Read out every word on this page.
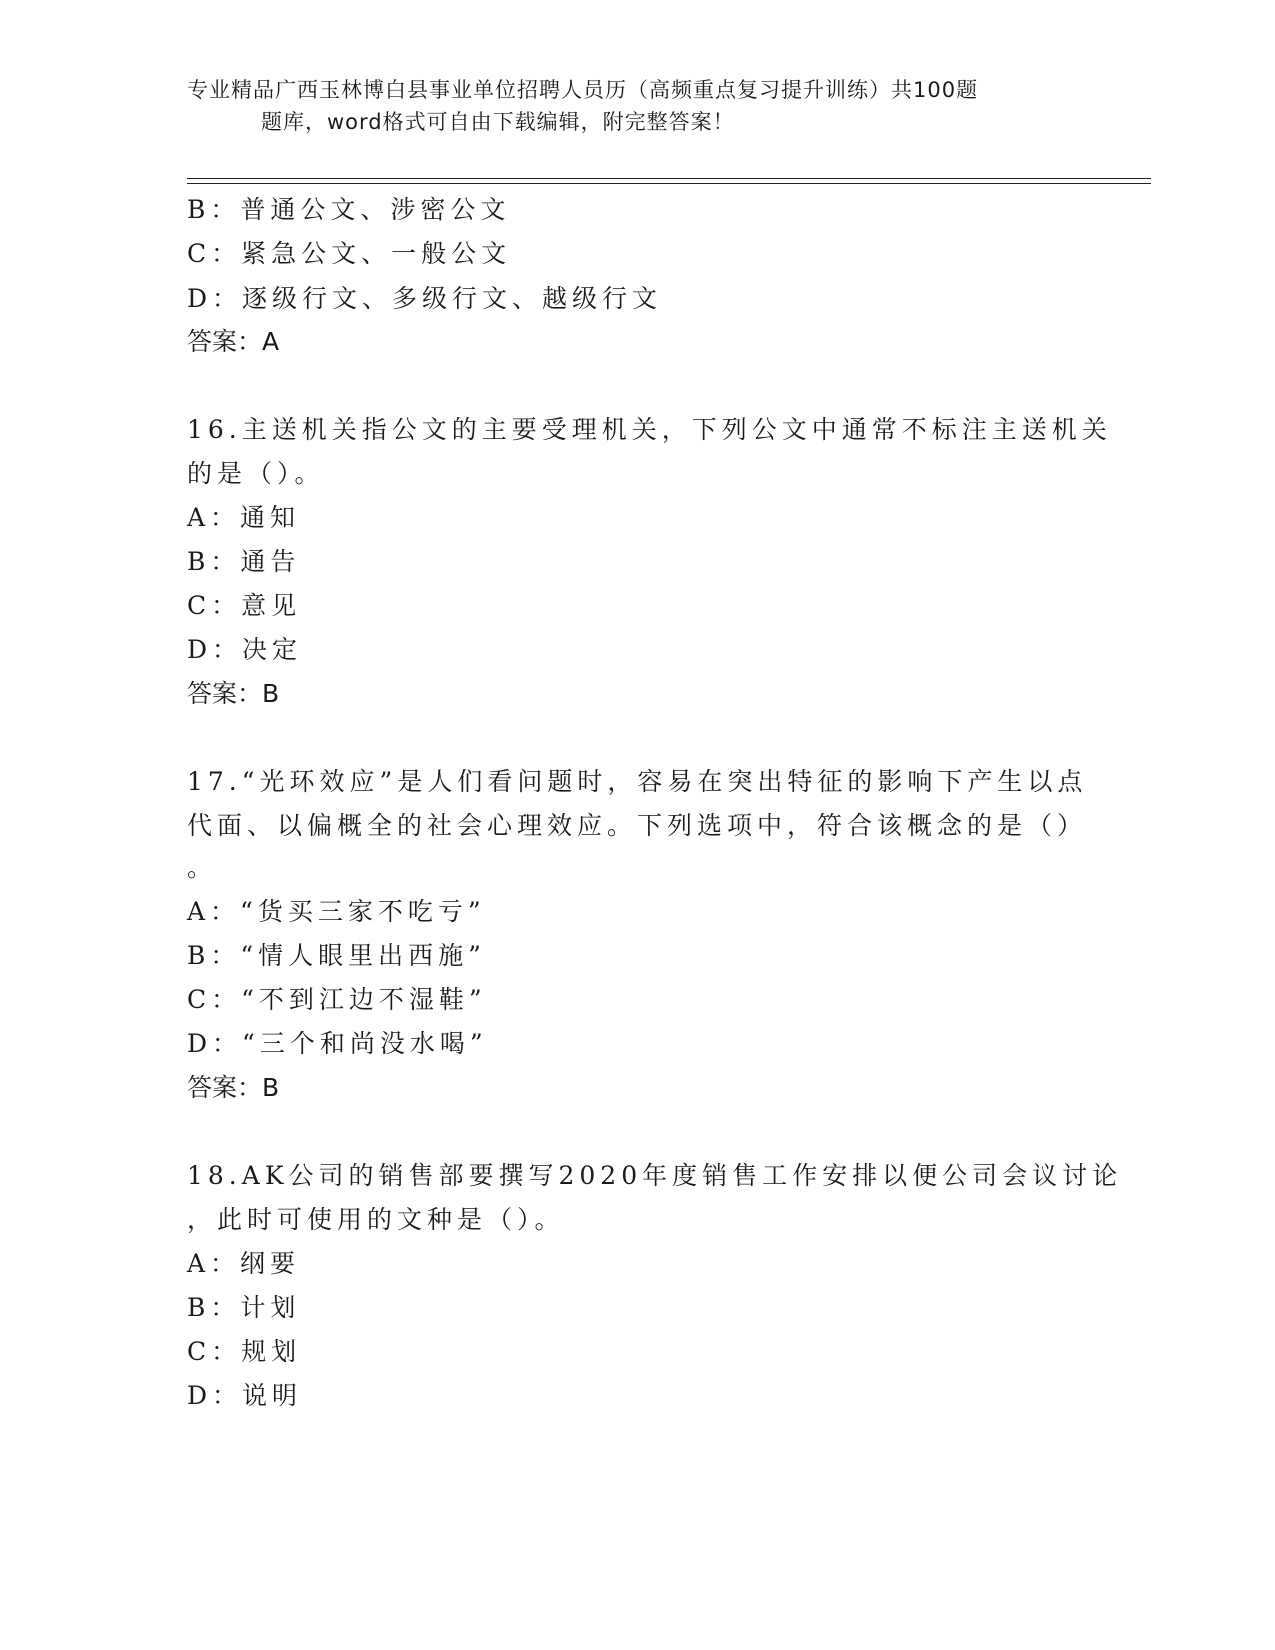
专业精品广西玉林博白县事业单位招聘人员历（高频重点复习提升训练）共100题
题库，word格式可自由下载编辑，附完整答案！
B：普通公文、涉密公文
C：紧急公文、一般公文
D：逐级行文、多级行文、越级行文
答案：A
16.主送机关指公文的主要受理机关，下列公文中通常不标注主送机关
的是（）。
A：通知
B：通告
C：意见
D：决定
答案：B
17.“光环效应”是人们看问题时，容易在突出特征的影响下产生以点
代面、以偏概全的社会心理效应。下列选项中，符合该概念的是（）
。
A：“货买三家不吃亏”
B：“情人眼里出西施”
C：“不到江边不湿鞋”
D：“三个和尚没水喝”
答案：B
18.AK公司的销售部要撰写2020年度销售工作安排以便公司会议讨论
，此时可使用的文种是（）。
A：纲要
B：计划
C：规划
D：说明
